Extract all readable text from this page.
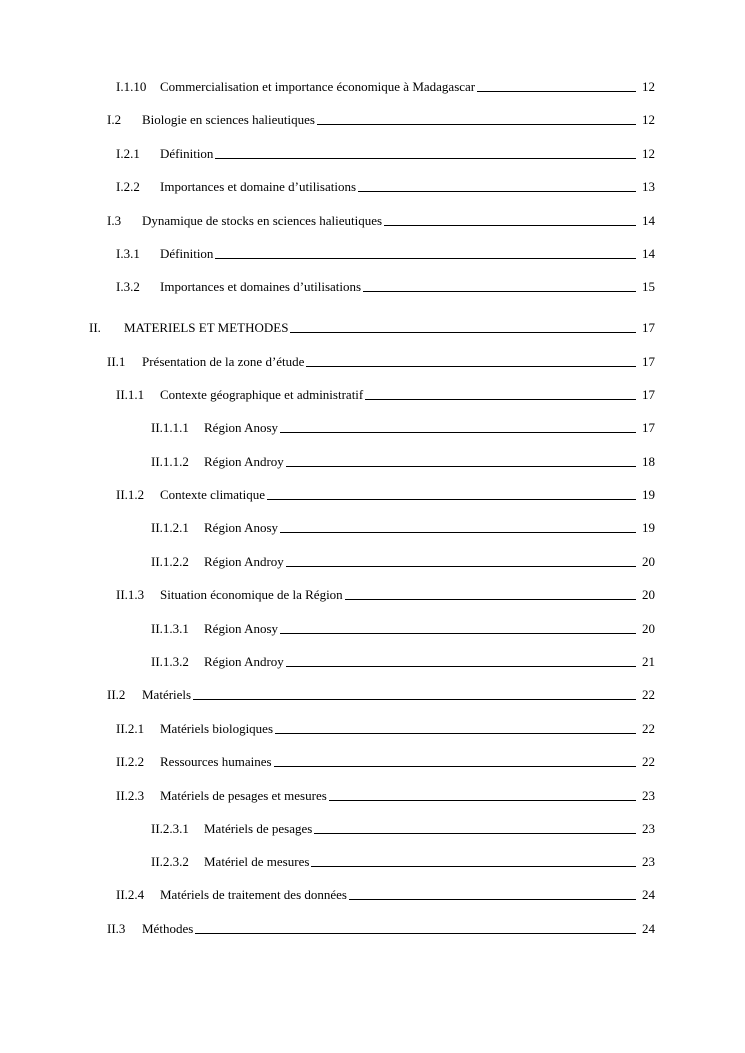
I.1.10	Commercialisation et importance économique à Madagascar	12
I.2	Biologie en sciences halieutiques	12
I.2.1	Définition	12
I.2.2	Importances et domaine d’utilisations	13
I.3	Dynamique de stocks en sciences halieutiques	14
I.3.1	Définition	14
I.3.2	Importances et domaines d’utilisations	15
II.	MATERIELS ET METHODES	17
II.1	Présentation de la zone d’étude	17
II.1.1	Contexte géographique et administratif	17
II.1.1.1	Région Anosy	17
II.1.1.2	Région Androy	18
II.1.2	Contexte climatique	19
II.1.2.1	Région Anosy	19
II.1.2.2	Région Androy	20
II.1.3	Situation économique de la Région	20
II.1.3.1	Région Anosy	20
II.1.3.2	Région Androy	21
II.2	Matériels	22
II.2.1	Matériels biologiques	22
II.2.2	Ressources humaines	22
II.2.3	Matériels de pesages et mesures	23
II.2.3.1	Matériels de pesages	23
II.2.3.2	Matériel de mesures	23
II.2.4	Matériels de traitement des données	24
II.3	Méthodes	24
